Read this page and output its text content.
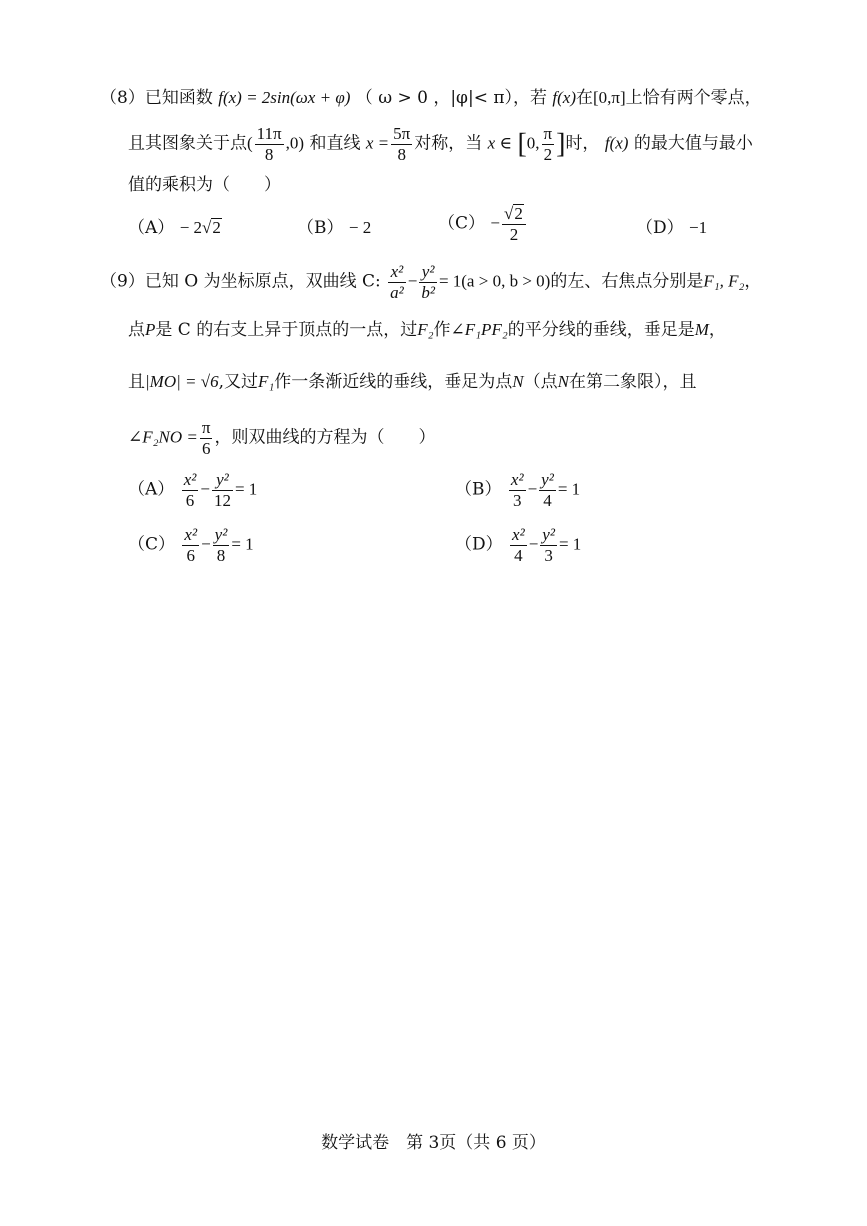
（8）已知函数 f(x) = 2sin(ωx + φ) （ ω > 0 ，|φ|< π），若 f(x)在[0,π]上恰有两个零点，
且其图象关于点( $\frac{11\pi}{8} ,0$) 和直线 $x = \frac{5\pi}{8}$ 对称，当 x ∈ [0, $\frac{\pi}{2}$ ]时， f(x) 的最大值与最小
值的乘积为（　　）
（A） − 2√2	（B） − 2	$(C) - \frac{√2}{2}$	（D） −1
（9）已知 O 为坐标原点，双曲线 C: $\frac{\text{x²}}{\text{a²}} - \frac{\text{y²}}{\text{b²}} = 1(a > 0$, b > 0)的左、右焦点分别是F₁, F₂，
点P是 C 的右支上异于顶点的一点，过F₂作∠F₁PF₂的平分线的垂线，垂足是M，
且|MO| = √6,又过F₁作一条渐近线的垂线，垂足为点N（点N在第二象限），且
∠F₂NO = $\frac{\pi}{6}$ ，则双曲线的方程为（　　）
$(A) \frac{\text{x²}}{6} - \frac{\text{y²}}{12} = 1$	$(B) \frac{\text{x²}}{3} - \frac{\text{y²}}{4} = 1$
$(C) \frac{\text{x²}}{6} - \frac{\text{y²}}{8} = 1$	$(D) \frac{\text{x²}}{4} - \frac{\text{y²}}{3} = 1$
数学试卷　第 3页（共 6 页）
